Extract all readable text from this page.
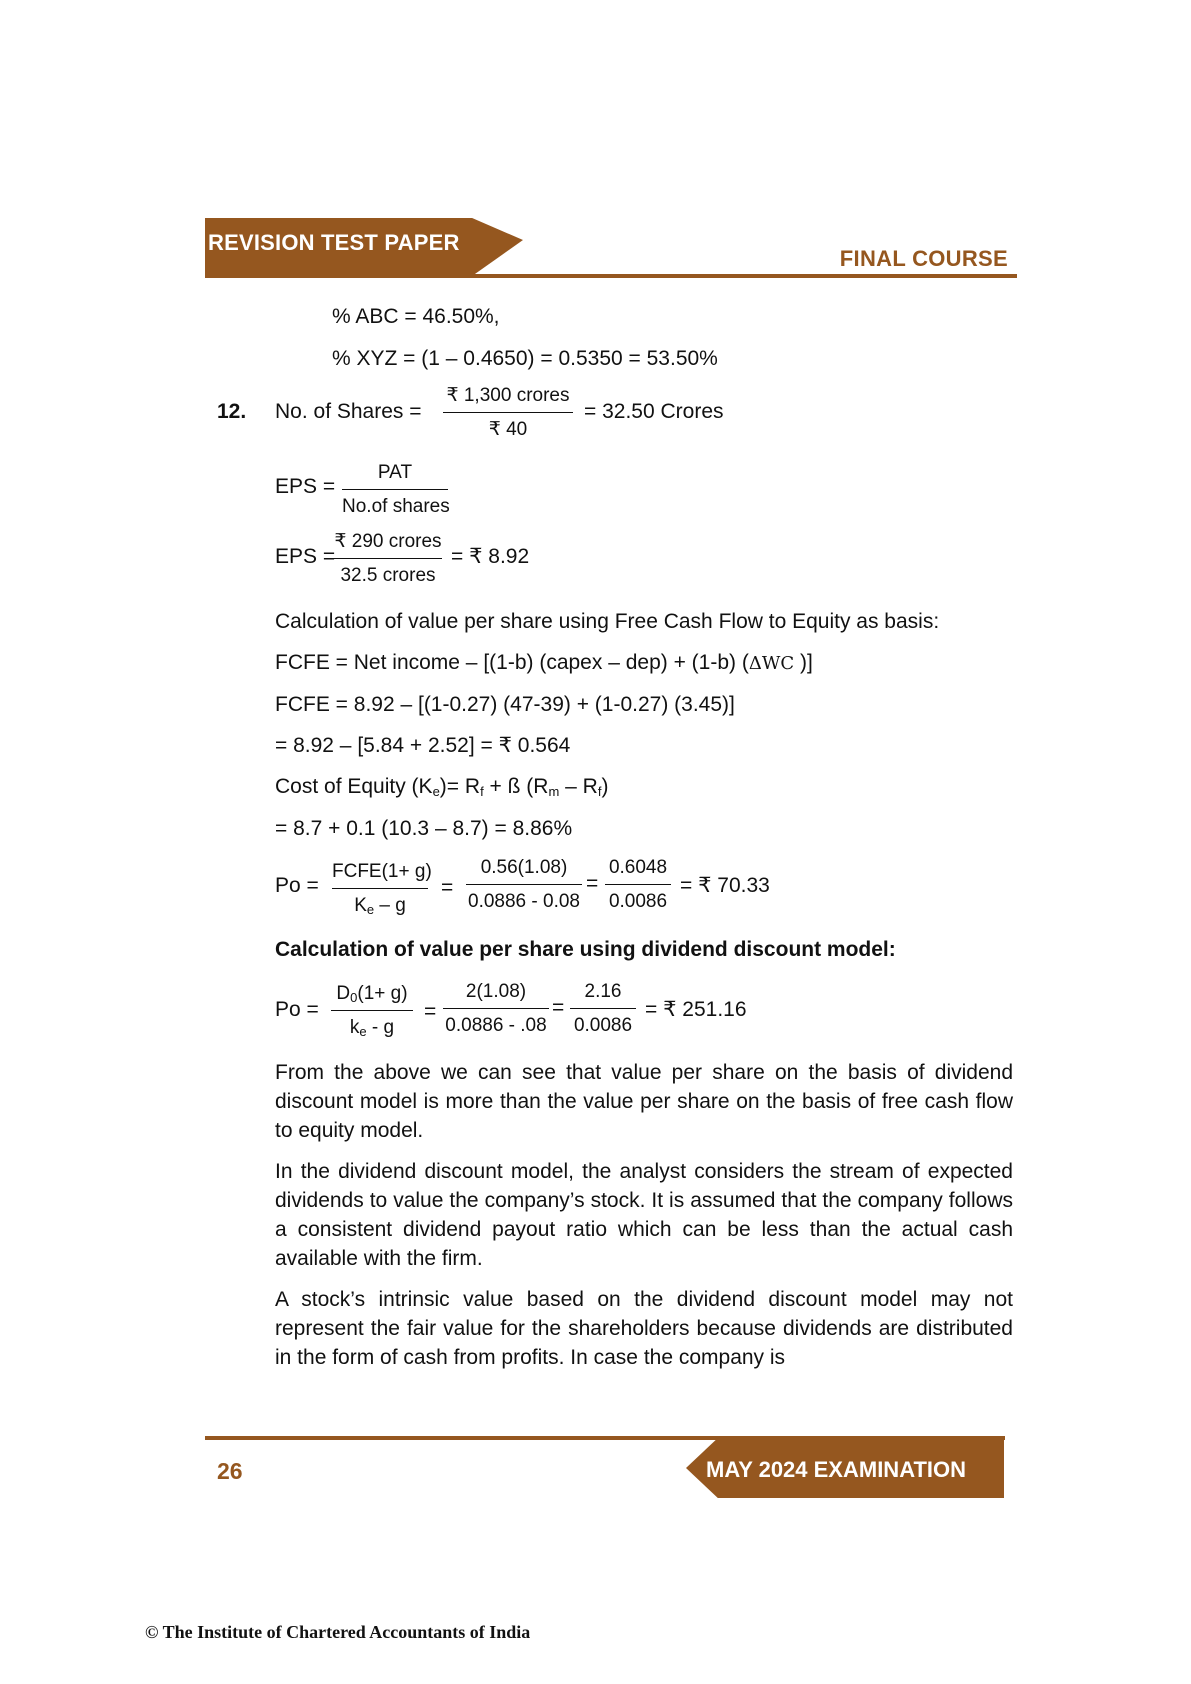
REVISION TEST PAPER
FINAL COURSE
% ABC = 46.50%,
% XYZ = (1 – 0.4650) = 0.5350 = 53.50%
12. No. of Shares =
₹ 1,300 crores
₹ 40
= 32.50 Crores
EPS =
PAT
No.of shares
EPS =
₹ 290 crores
32.5 crores
= ₹ 8.92
Calculation of value per share using Free Cash Flow to Equity as basis:
FCFE = Net income – [(1-b) (capex – dep) + (1-b) (ΔWC )]
FCFE = 8.92 – [(1-0.27) (47-39) + (1-0.27) (3.45)]
= 8.92 – [5.84 + 2.52] = ₹ 0.564
Cost of Equity $(K_e)= R_f$ + ß $(R_m - R_f)$
= 8.7 + 0.1 (10.3 – 8.7) = 8.86%
Po =
FCFE(1+ g)
$K_e$ – g
= $\frac{0.56(1.08)}{0.0886 - 0.08} = \frac{0.6048}{0.0086}$ = ₹ 70.33
Calculation of value per share using dividend discount model:
$Po = \frac{D_0(1+ g)}{k_e - g} = \frac{2(1.08)}{0.0886 - .08} = \frac{2.16}{0.0086}$ = ₹ 251.16

From the above we can see that value per share on the basis of dividend discount model is more than the value per share on the basis of free cash flow to equity model.

In the dividend discount model, the analyst considers the stream of expected dividends to value the company’s stock. It is assumed that the company follows a consistent dividend payout ratio which can be less than the actual cash available with the firm.

A stock’s intrinsic value based on the dividend discount model may not represent the fair value for the shareholders because dividends are distributed in the form of cash from profits. In case the company is

26	MAY 2024 EXAMINATION
© The Institute of Chartered Accountants of India
